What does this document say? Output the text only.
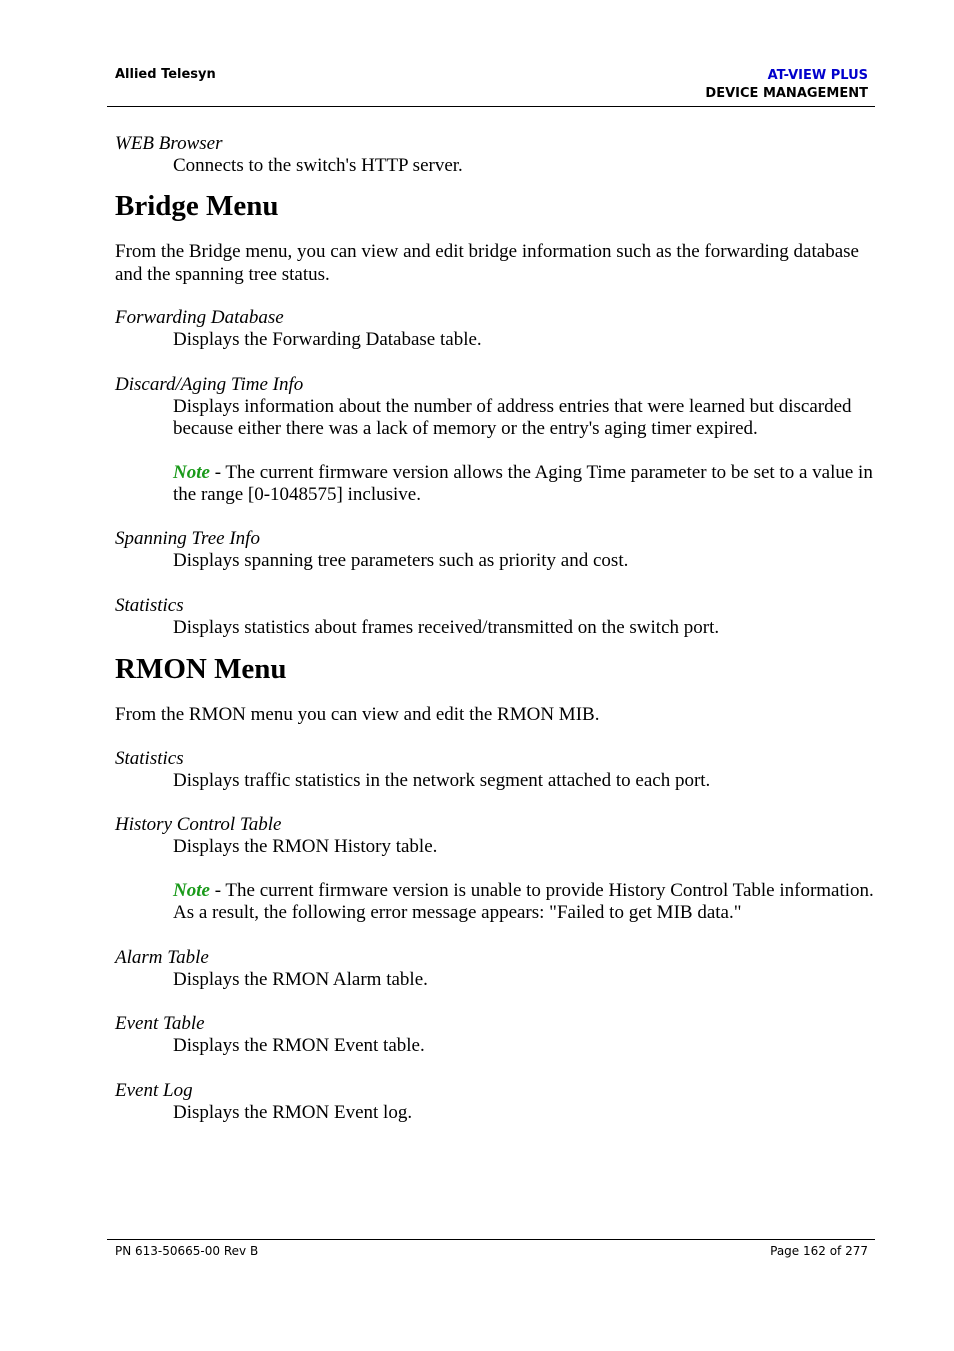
Allied Telesyn	AT-VIEW PLUS
DEVICE MANAGEMENT
WEB Browser
Connects to the switch's HTTP server.
Bridge Menu
From the Bridge menu, you can view and edit bridge information such as the forwarding database and the spanning tree status.
Forwarding Database
Displays the Forwarding Database table.
Discard/Aging Time Info
Displays information about the number of address entries that were learned but discarded because either there was a lack of memory or the entry's aging timer expired.
Note - The current firmware version allows the Aging Time parameter to be set to a value in the range [0-1048575] inclusive.
Spanning Tree Info
Displays spanning tree parameters such as priority and cost.
Statistics
Displays statistics about frames received/transmitted on the switch port.
RMON Menu
From the RMON menu you can view and edit the RMON MIB.
Statistics
Displays traffic statistics in the network segment attached to each port.
History Control Table
Displays the RMON History table.
Note - The current firmware version is unable to provide History Control Table information. As a result, the following error message appears: "Failed to get MIB data."
Alarm Table
Displays the RMON Alarm table.
Event Table
Displays the RMON Event table.
Event Log
Displays the RMON Event log.
PN 613-50665-00 Rev B	Page 162 of 277
